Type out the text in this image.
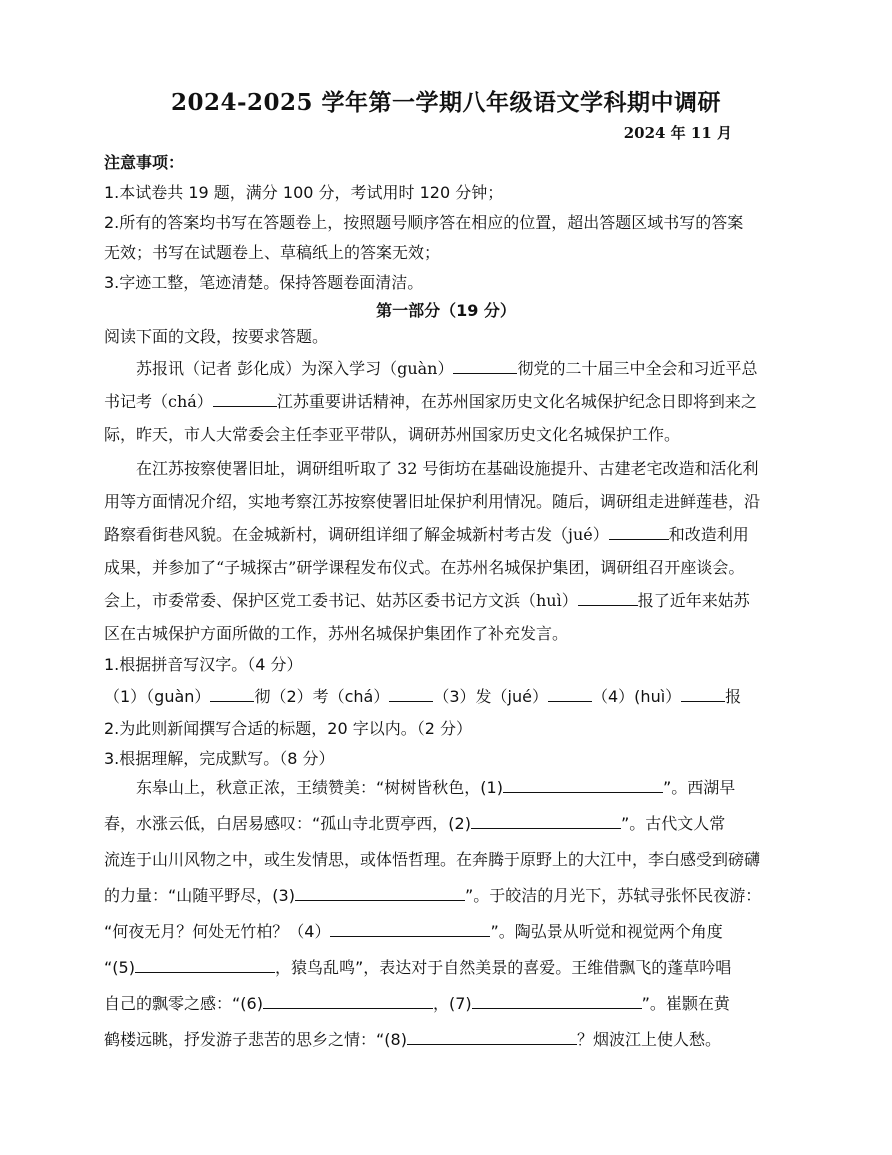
2024-2025 学年第一学期八年级语文学科期中调研
2024 年 11 月
注意事项：
1.本试卷共 19 题，满分 100 分，考试用时 120 分钟；
2.所有的答案均书写在答题卷上，按照题号顺序答在相应的位置，超出答题区域书写的答案
无效；书写在试题卷上、草稿纸上的答案无效；
3.字迹工整，笔迹清楚。保持答题卷面清洁。
第一部分（19 分）
阅读下面的文段，按要求答题。
苏报讯（记者 彭化成）为深入学习（guàn）	彻党的二十届三中全会和习近平总
书记考（chá）	江苏重要讲话精神，在苏州国家历史文化名城保护纪念日即将到来之
际，昨天，市人大常委会主任李亚平带队，调研苏州国家历史文化名城保护工作。
在江苏按察使署旧址，调研组听取了 32 号街坊在基础设施提升、古建老宅改造和活化利
用等方面情况介绍，实地考察江苏按察使署旧址保护利用情况。随后，调研组走进鲜莲巷，沿
路察看街巷风貌。在金城新村，调研组详细了解金城新村考古发（jué）	和改造利用
成果，并参加了“子城探古”研学课程发布仪式。在苏州名城保护集团，调研组召开座谈会。
会上，市委常委、保护区党工委书记、姑苏区委书记方文浜（huì）	报了近年来姑苏
区在古城保护方面所做的工作，苏州名城保护集团作了补充发言。
1.根据拼音写汉字。（4 分）
（1）（guàn）	彻（2）考（chá）	（3）发（jué）	（4）(huì）	报
2.为此则新闻撰写合适的标题，20 字以内。（2 分）
3.根据理解，完成默写。（8 分）
东皋山上，秋意正浓，王绩赞美：“树树皆秋色，(1)	”。西湖早
春，水涨云低，白居易感叹：“孤山寺北贾亭西，(2)	”。古代文人常
流连于山川风物之中，或生发情思，或体悟哲理。在奔腾于原野上的大江中，李白感受到磅礴
的力量：“山随平野尽，(3)	”。于皎洁的月光下，苏轼寻张怀民夜游：
“何夜无月？何处无竹柏？（4）	”。陶弘景从听觉和视觉两个角度
“(5)	，猿鸟乱鸣”，表达对于自然美景的喜爱。王维借飘飞的蓬草吟唱
自己的飘零之感：“(6)	，(7)	”。崔颢在黄
鹤楼远眺，抒发游子悲苦的思乡之情：“(8)	？烟波江上使人愁。
